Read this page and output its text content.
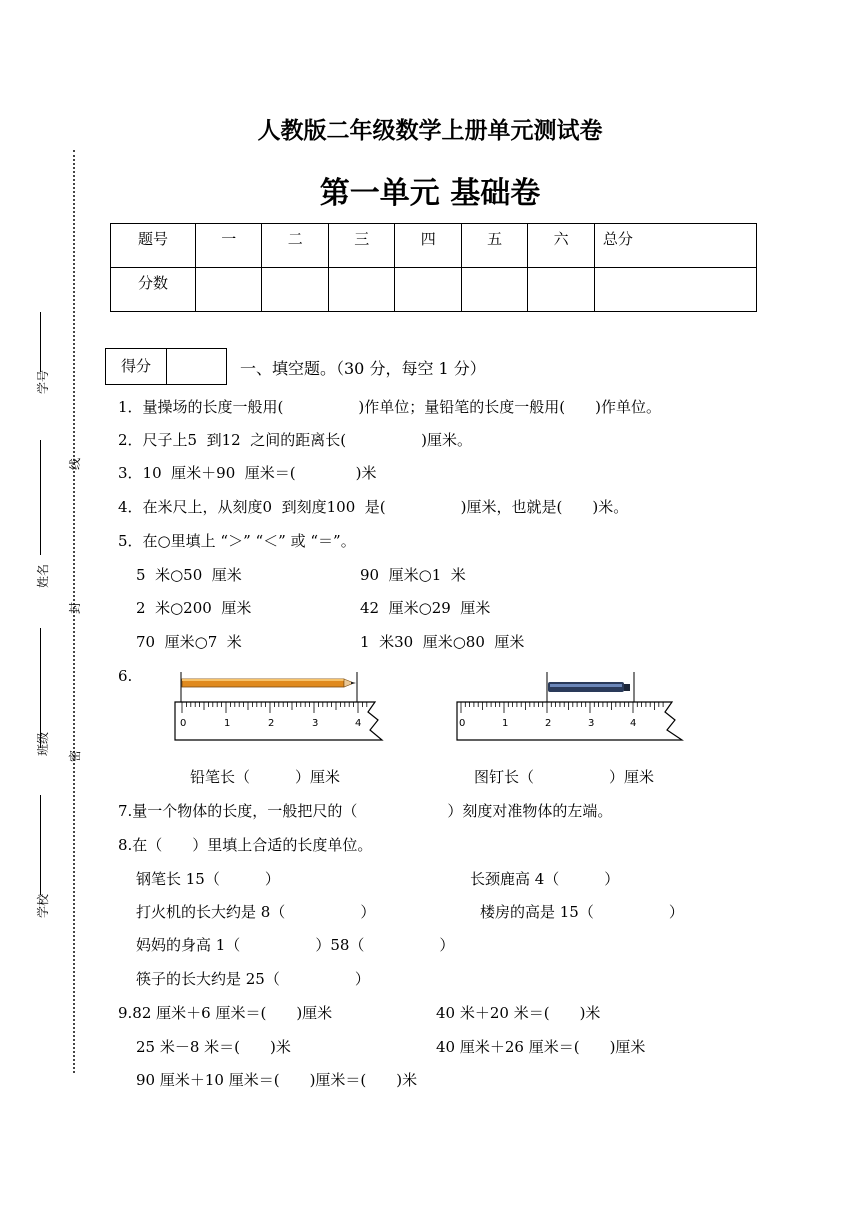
学号
线
姓名
封
班级 密
学校
人教版二年级数学上册单元测试卷
第一单元 基础卷
题号	一	二	三	四	五	六	总分
分数							
得分	一、填空题。（30 分，每空 1 分）
1．量操场的长度一般用(　　　　　)作单位；量铅笔的长度一般用(　　)作单位。
2．尺子上5  到12  之间的距离长(　　　　　)厘米。
3．10  厘米＋90  厘米＝(　　　　)米
4．在米尺上，从刻度0  到刻度100  是(　　　　　)厘米，也就是(　　)米。
5．在○里填上 “＞” “＜” 或 “＝”。
5  米○50  厘米	90  厘米○1  米
2  米○200  厘米	42  厘米○29  厘米
70  厘米○7  米	1  米30  厘米○80  厘米
6.
0	1	2	3	4	0	1	2	3	4
铅笔长（　　　）厘米	图钉长（　　　　　）厘米
7.量一个物体的长度，一般把尺的（　　　　　　）刻度对准物体的左端。
8.在（　　）里填上合适的长度单位。
钢笔长 15（　　　）	长颈鹿高 4（　　　）
打火机的长大约是 8（　　　　　）	楼房的高是 15（　　　　　）
妈妈的身高 1（　　　　　）58（　　　　　）
筷子的长大约是 25（　　　　　）
9.82 厘米＋6 厘米＝(　　)厘米	40 米＋20 米＝(　　)米
25 米－8 米＝(　　)米	40 厘米＋26 厘米＝(　　)厘米
90 厘米＋10 厘米＝(　　)厘米＝(　　)米
